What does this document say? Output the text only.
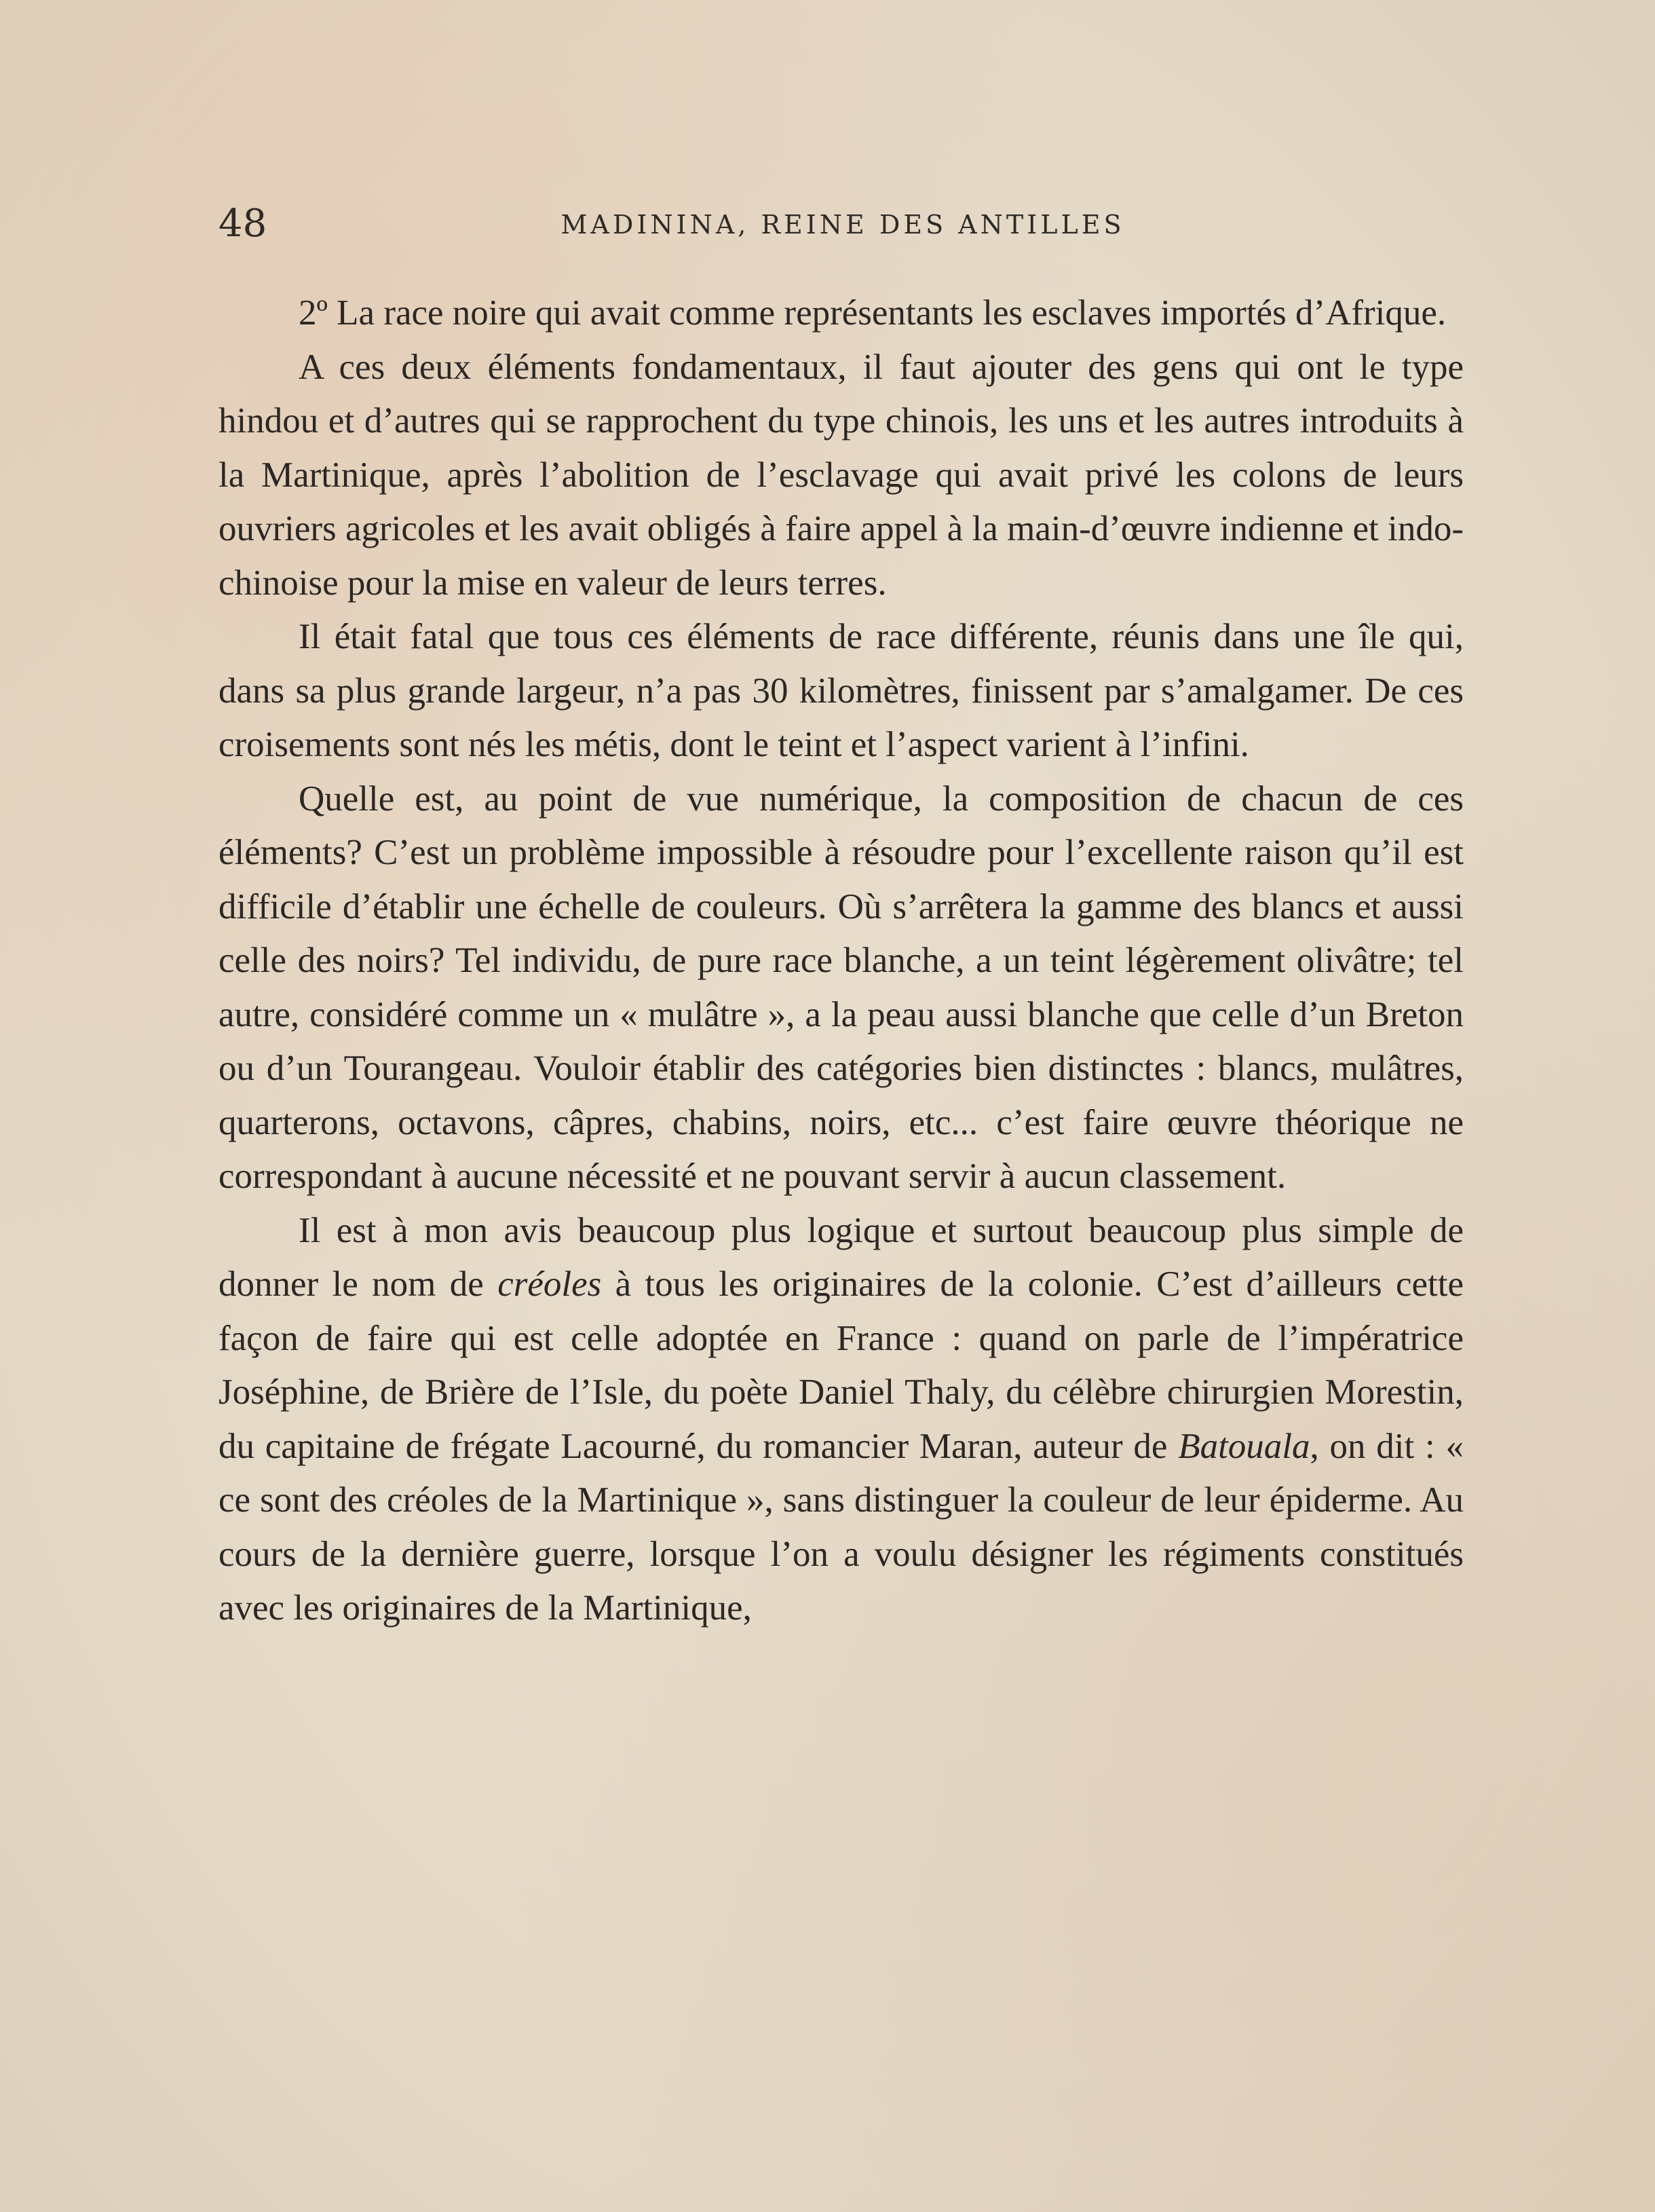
48	MADININA, REINE DES ANTILLES

2º La race noire qui avait comme représentants les esclaves importés d’Afrique.

A ces deux éléments fondamentaux, il faut ajouter des gens qui ont le type hindou et d’autres qui se rapprochent du type chinois, les uns et les autres introduits à la Martinique, après l’abolition de l’esclavage qui avait privé les colons de leurs ouvriers agricoles et les avait obligés à faire appel à la main-d’œuvre indienne et indo-chinoise pour la mise en valeur de leurs terres.

Il était fatal que tous ces éléments de race différente, réunis dans une île qui, dans sa plus grande largeur, n’a pas 30 kilomètres, finissent par s’amalgamer. De ces croisements sont nés les métis, dont le teint et l’aspect varient à l’infini.

Quelle est, au point de vue numérique, la composition de chacun de ces éléments? C’est un problème impossible à résoudre pour l’excellente raison qu’il est difficile d’établir une échelle de couleurs. Où s’arrêtera la gamme des blancs et aussi celle des noirs? Tel individu, de pure race blanche, a un teint légèrement olivâtre; tel autre, considéré comme un « mulâtre », a la peau aussi blanche que celle d’un Breton ou d’un Tourangeau. Vouloir établir des catégories bien distinctes : blancs, mulâtres, quarterons, octavons, câpres, chabins, noirs, etc... c’est faire œuvre théorique ne correspondant à aucune nécessité et ne pouvant servir à aucun classement.

Il est à mon avis beaucoup plus logique et surtout beaucoup plus simple de donner le nom de créoles à tous les originaires de la colonie. C’est d’ailleurs cette façon de faire qui est celle adoptée en France : quand on parle de l’impératrice Joséphine, de Brière de l’Isle, du poète Daniel Thaly, du célèbre chirurgien Morestin, du capitaine de frégate Lacourné, du romancier Maran, auteur de Batouala, on dit : « ce sont des créoles de la Martinique », sans distinguer la couleur de leur épiderme. Au cours de la dernière guerre, lorsque l’on a voulu désigner les régiments constitués avec les originaires de la Martinique,
